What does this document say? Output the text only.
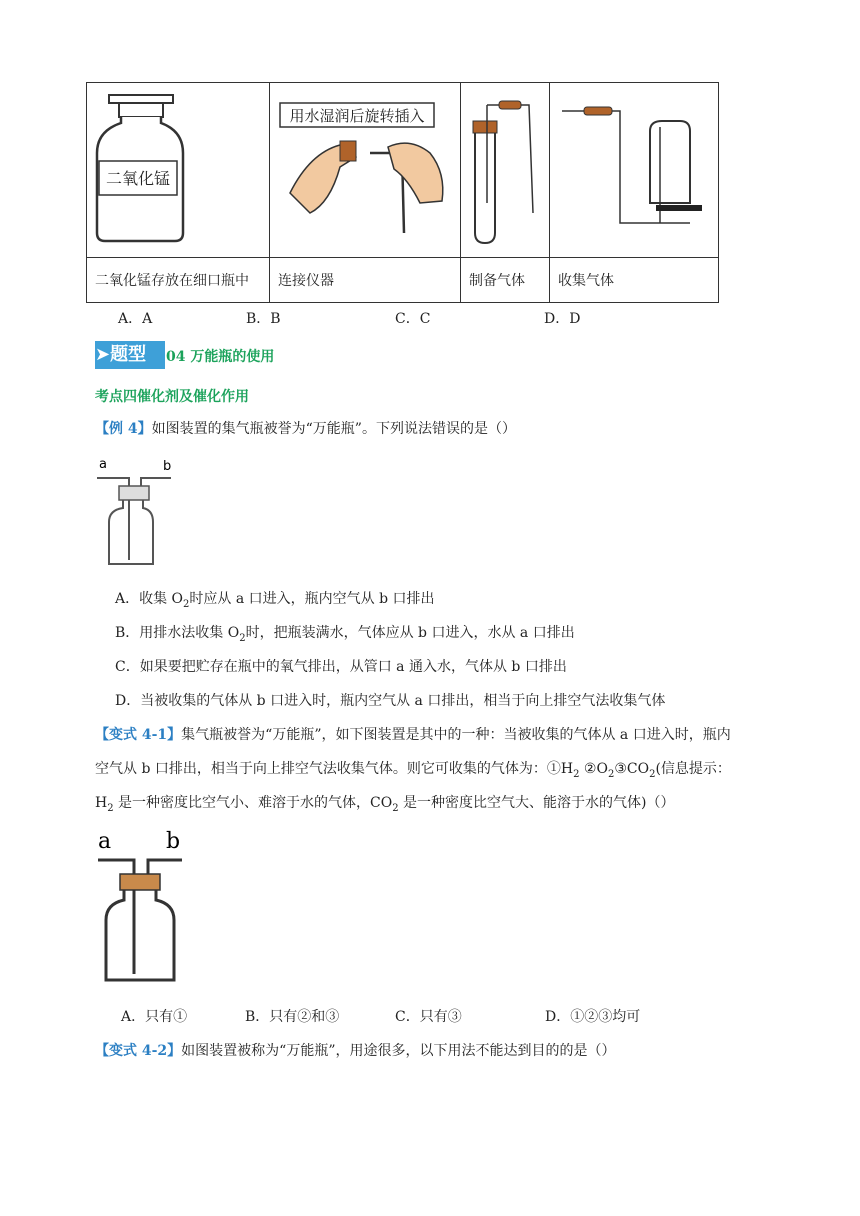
二氧化锰	用水湿润后旋转插入

二氧化锰存放在细口瓶中	连接仪器	制备气体	收集气体
A．A	B．B	C．C	D．D
➤题型	04 万能瓶的使用
考点四催化剂及催化作用
【例 4】如图装置的集气瓶被誉为“万能瓶”。下列说法错误的是（）
a	b
A．收集 $O_2$时应从 a 口进入，瓶内空气从 b 口排出
B．用排水法收集 $O_2$时，把瓶装满水，气体应从 b 口进入，水从 a 口排出
C．如果要把贮存在瓶中的氧气排出，从管口 a 通入水，气体从 b 口排出
D．当被收集的气体从 b 口进入时，瓶内空气从 a 口排出，相当于向上排空气法收集气体
【变式 4-1】集气瓶被誉为“万能瓶”，如下图装置是其中的一种：当被收集的气体从 a 口进入时，瓶内
空气从 b 口排出，相当于向上排空气法收集气体。则它可收集的气体为：$①H_2$ $②O_2③CO_2$(信息提示：
$H_2$ 是一种密度比空气小、难溶于水的气体，$CO_2$ 是一种密度比空气大、能溶于水的气体)（）
a b
A．只有①	B．只有②和③	C．只有③	D．①②③均可
【变式 4-2】如图装置被称为“万能瓶”，用途很多，以下用法不能达到目的的是（）
